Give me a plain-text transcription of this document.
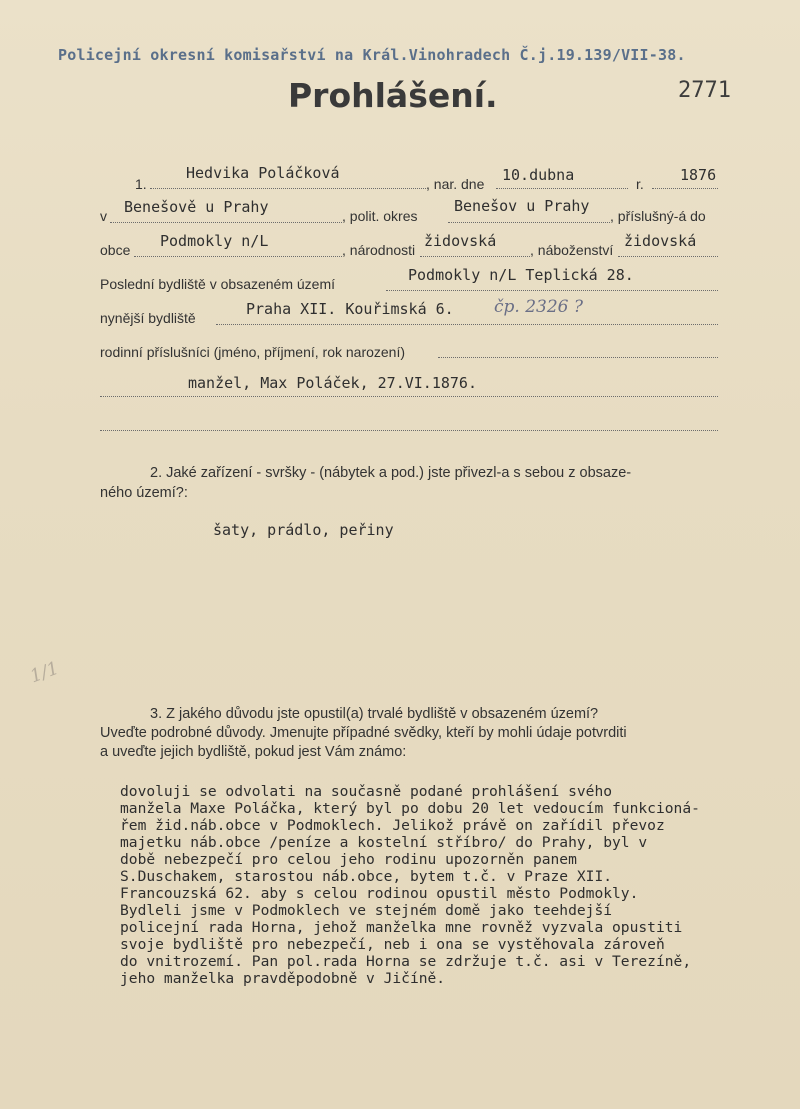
Policejní okresní komisařství na Král.Vinohradech Č.j.19.139/VII-38.
Prohlášení.	2771
1.
Hedvika Poláčková
, nar. dne 10.dubna	r. 1876
v Benešově u Prahy	, polit. okres
Benešov u Prahy
, příslušný-á do
obce Podmokly n/L	, národnosti židovská , náboženství židovská
Poslední bydliště v obsazeném území	Podmokly n/L Teplická 28.
nynější bydliště	Praha XII. Kouřimská 6. čp. 2326 ?
rodinní příslušníci (jméno, příjmení, rok narození)
manžel, Max Poláček, 27.VI.1876.
2. Jaké zařízení - svršky - (nábytek a pod.) jste přivezl-a s sebou z obsaze-
ného území?:
šaty, prádlo, peřiny
1/1
3. Z jakého důvodu jste opustil(a) trvalé bydliště v obsazeném území?
Uveďte podrobné důvody. Jmenujte případné svědky, kteří by mohli údaje potvrditi
a uveďte jejich bydliště, pokud jest Vám známo:
dovoluji se odvolati na současně podané prohlášení svého
manžela Maxe Poláčka, který byl po dobu 20 let vedoucím funkcioná-
řem žid.náb.obce v Podmoklech. Jelikož právě on zařídil převoz
majetku náb.obce /peníze a kostelní stříbro/ do Prahy, byl v
době nebezpečí pro celou jeho rodinu upozorněn panem
S.Duschakem, starostou náb.obce, bytem t.č. v Praze XII.
Francouzská 62. aby s celou rodinou opustil město Podmokly.
Bydleli jsme v Podmoklech ve stejném domě jako teehdejší
policejní rada Horna, jehož manželka mne rovněž vyzvala opustiti
svoje bydliště pro nebezpečí, neb i ona se vystěhovala zároveň
do vnitrozemí. Pan pol.rada Horna se zdržuje t.č. asi v Terezíně,
jeho manželka pravděpodobně v Jičíně.
